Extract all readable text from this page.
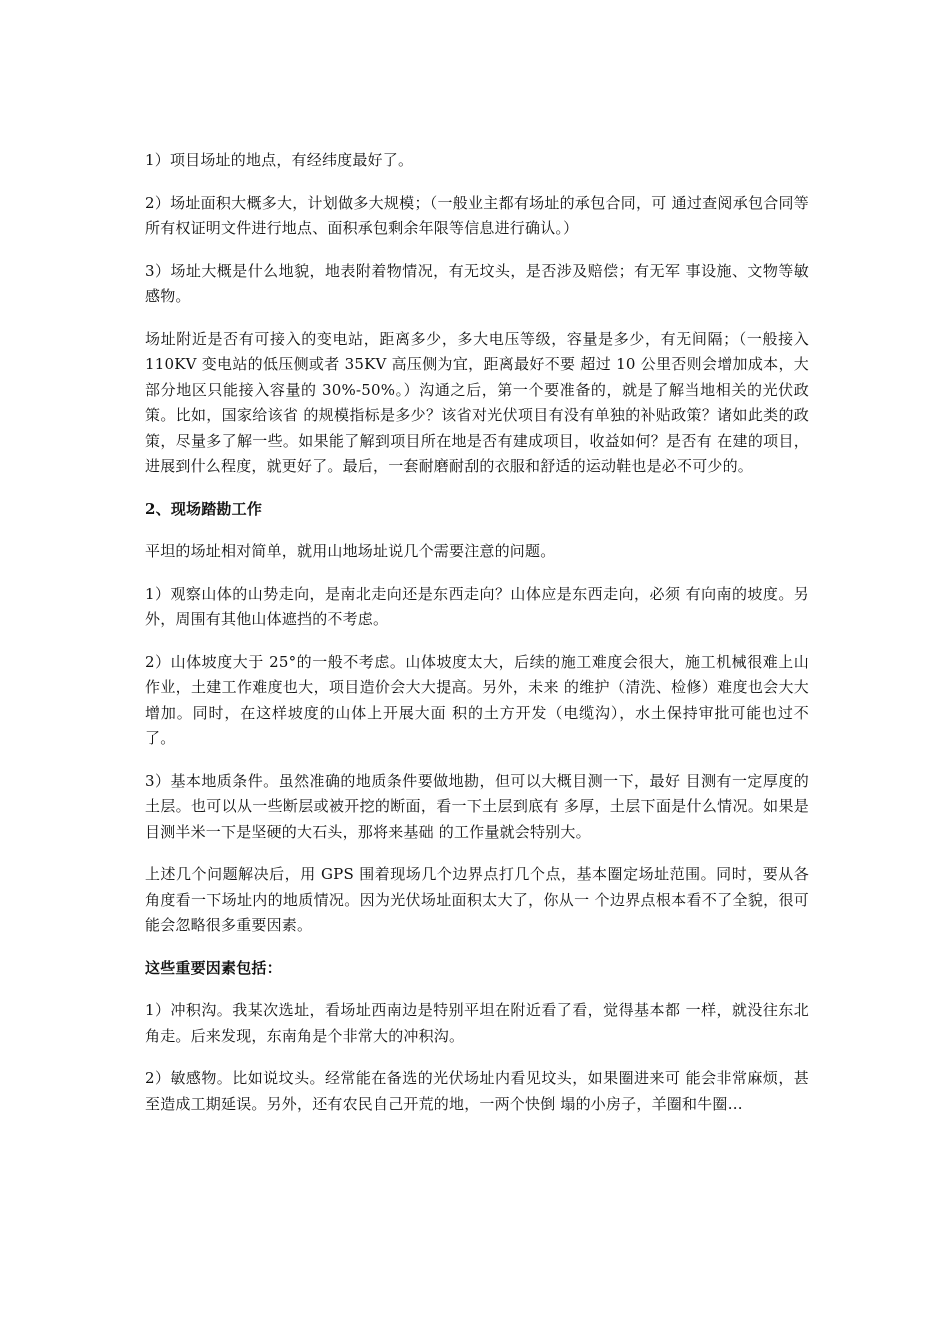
1）项目场址的地点，有经纬度最好了。

2）场址面积大概多大，计划做多大规模；（一般业主都有场址的承包合同，可 通过查阅承包合同等所有权证明文件进行地点、面积承包剩余年限等信息进行确认。）

3）场址大概是什么地貌，地表附着物情况，有无坟头，是否涉及赔偿；有无军 事设施、文物等敏感物。

场址附近是否有可接入的变电站，距离多少，多大电压等级，容量是多少，有无间隔；（一般接入 110KV 变电站的低压侧或者 35KV 高压侧为宜，距离最好不要 超过 10 公里否则会增加成本，大部分地区只能接入容量的 30%-50%。）沟通之后，第一个要准备的，就是了解当地相关的光伏政策。比如，国家给该省 的规模指标是多少？该省对光伏项目有没有单独的补贴政策？诸如此类的政策，尽量多了解一些。如果能了解到项目所在地是否有建成项目，收益如何？是否有 在建的项目，进展到什么程度，就更好了。最后，一套耐磨耐刮的衣服和舒适的运动鞋也是必不可少的。

2、现场踏勘工作

平坦的场址相对简单，就用山地场址说几个需要注意的问题。

1）观察山体的山势走向，是南北走向还是东西走向？山体应是东西走向，必须 有向南的坡度。另外，周围有其他山体遮挡的不考虑。

2）山体坡度大于 25°的一般不考虑。山体坡度太大，后续的施工难度会很大，施工机械很难上山作业，土建工作难度也大，项目造价会大大提高。另外，未来 的维护（清洗、检修）难度也会大大增加。同时，在这样坡度的山体上开展大面 积的土方开发（电缆沟），水土保持审批可能也过不了。

3）基本地质条件。虽然准确的地质条件要做地勘，但可以大概目测一下，最好 目测有一定厚度的土层。也可以从一些断层或被开挖的断面，看一下土层到底有 多厚，土层下面是什么情况。如果是目测半米一下是坚硬的大石头，那将来基础 的工作量就会特别大。

上述几个问题解决后，用 GPS 围着现场几个边界点打几个点，基本圈定场址范围。同时，要从各角度看一下场址内的地质情况。因为光伏场址面积太大了，你从一 个边界点根本看不了全貌，很可能会忽略很多重要因素。

这些重要因素包括：

1）冲积沟。我某次选址，看场址西南边是特别平坦在附近看了看，觉得基本都 一样，就没往东北角走。后来发现，东南角是个非常大的冲积沟。

2）敏感物。比如说坟头。经常能在备选的光伏场址内看见坟头，如果圈进来可 能会非常麻烦，甚至造成工期延误。另外，还有农民自己开荒的地，一两个快倒 塌的小房子，羊圈和牛圈…
